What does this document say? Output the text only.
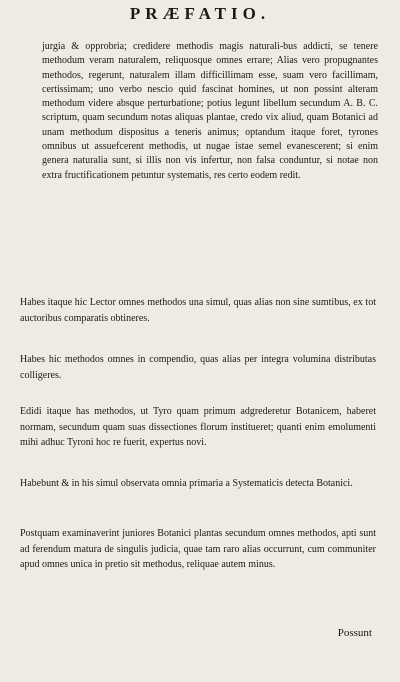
PRÆFATIO.

jurgia & opprobria; credidere methodis magis naturali-bus addicti, se tenere methodum veram naturalem, reliquosque omnes errare; Alias vero propugnantes methodos, regerunt, naturalem illam difficillimam esse, suam vero facillimam, certissimam; uno verbo nescio quid fascinat homines, ut non possint alteram methodum videre absque perturbatione; potius legunt libellum secundum A. B. C. scriptum, quam secundum notas aliquas plantae, credo vix aliud, quam Botanici ad unam methodum dispositus a teneris animus; optandum itaque foret, tyrones omnibus ut assuefcerent methodis, ut nugae istae semel evanescerent; si enim genera naturalia sunt, si illis non vis infertur, non falsa conduntur, si notae non extra fructificationem petuntur systematis, res certo eodem redit.

Habes itaque hic Lector omnes methodos una simul, quas alias non sine sumtibus, ex tot auctoribus comparatis obtineres.

Habes hic methodos omnes in compendio, quas alias per integra volumina distributas colligeres.

Edidi itaque has methodos, ut Tyro quam primum adgrederetur Botanicem, haberet normam, secundum quam suas dissectiones florum institueret; quanti enim emolumenti mihi adhuc Tyroni hoc re fuerit, expertus novi.

Habebunt & in his simul observata omnia primaria a Systematicis detecta Botanici.

Postquam examinaverint juniores Botanici plantas secundum omnes methodos, apti sunt ad ferendum matura de singulis judicia, quae tam raro alias occurrunt, cum communiter apud omnes unica in pretio sit methodus, reliquae autem minus.

Possunt
